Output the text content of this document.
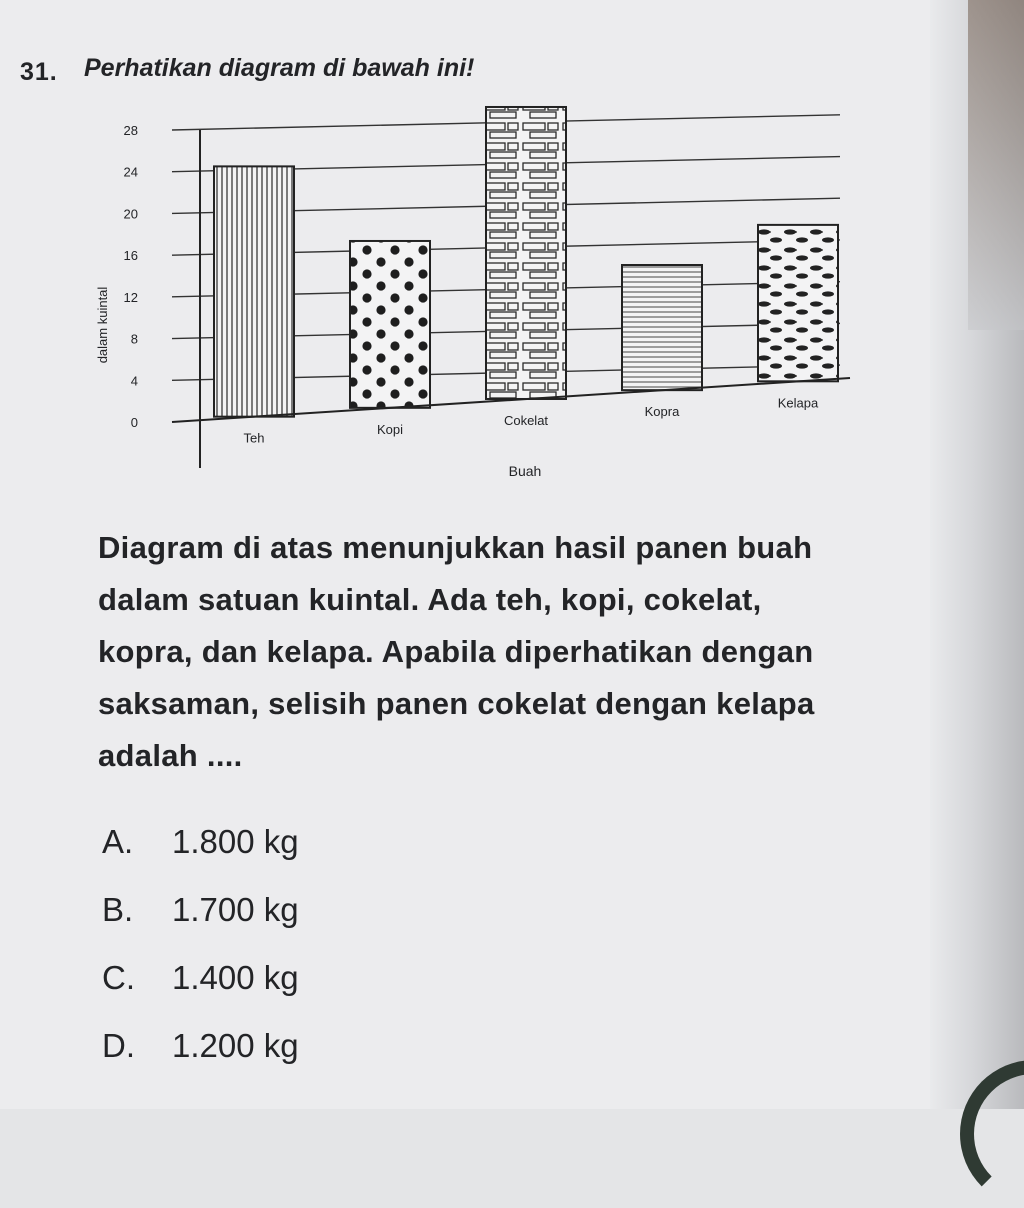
31. Perhatikan diagram di bawah ini!
0
4
8
12
16
20
24
28
Teh
Kopi
Cokelat
Kopra
Kelapa
dalam kuintal
Buah
Diagram di atas menunjukkan hasil panen buah
dalam satuan kuintal. Ada teh, kopi, cokelat,
kopra, dan kelapa. Apabila diperhatikan dengan
saksaman, selisih panen cokelat dengan kelapa
adalah ....
A. 1.800 kg
B. 1.700 kg
C. 1.400 kg
D. 1.200 kg
